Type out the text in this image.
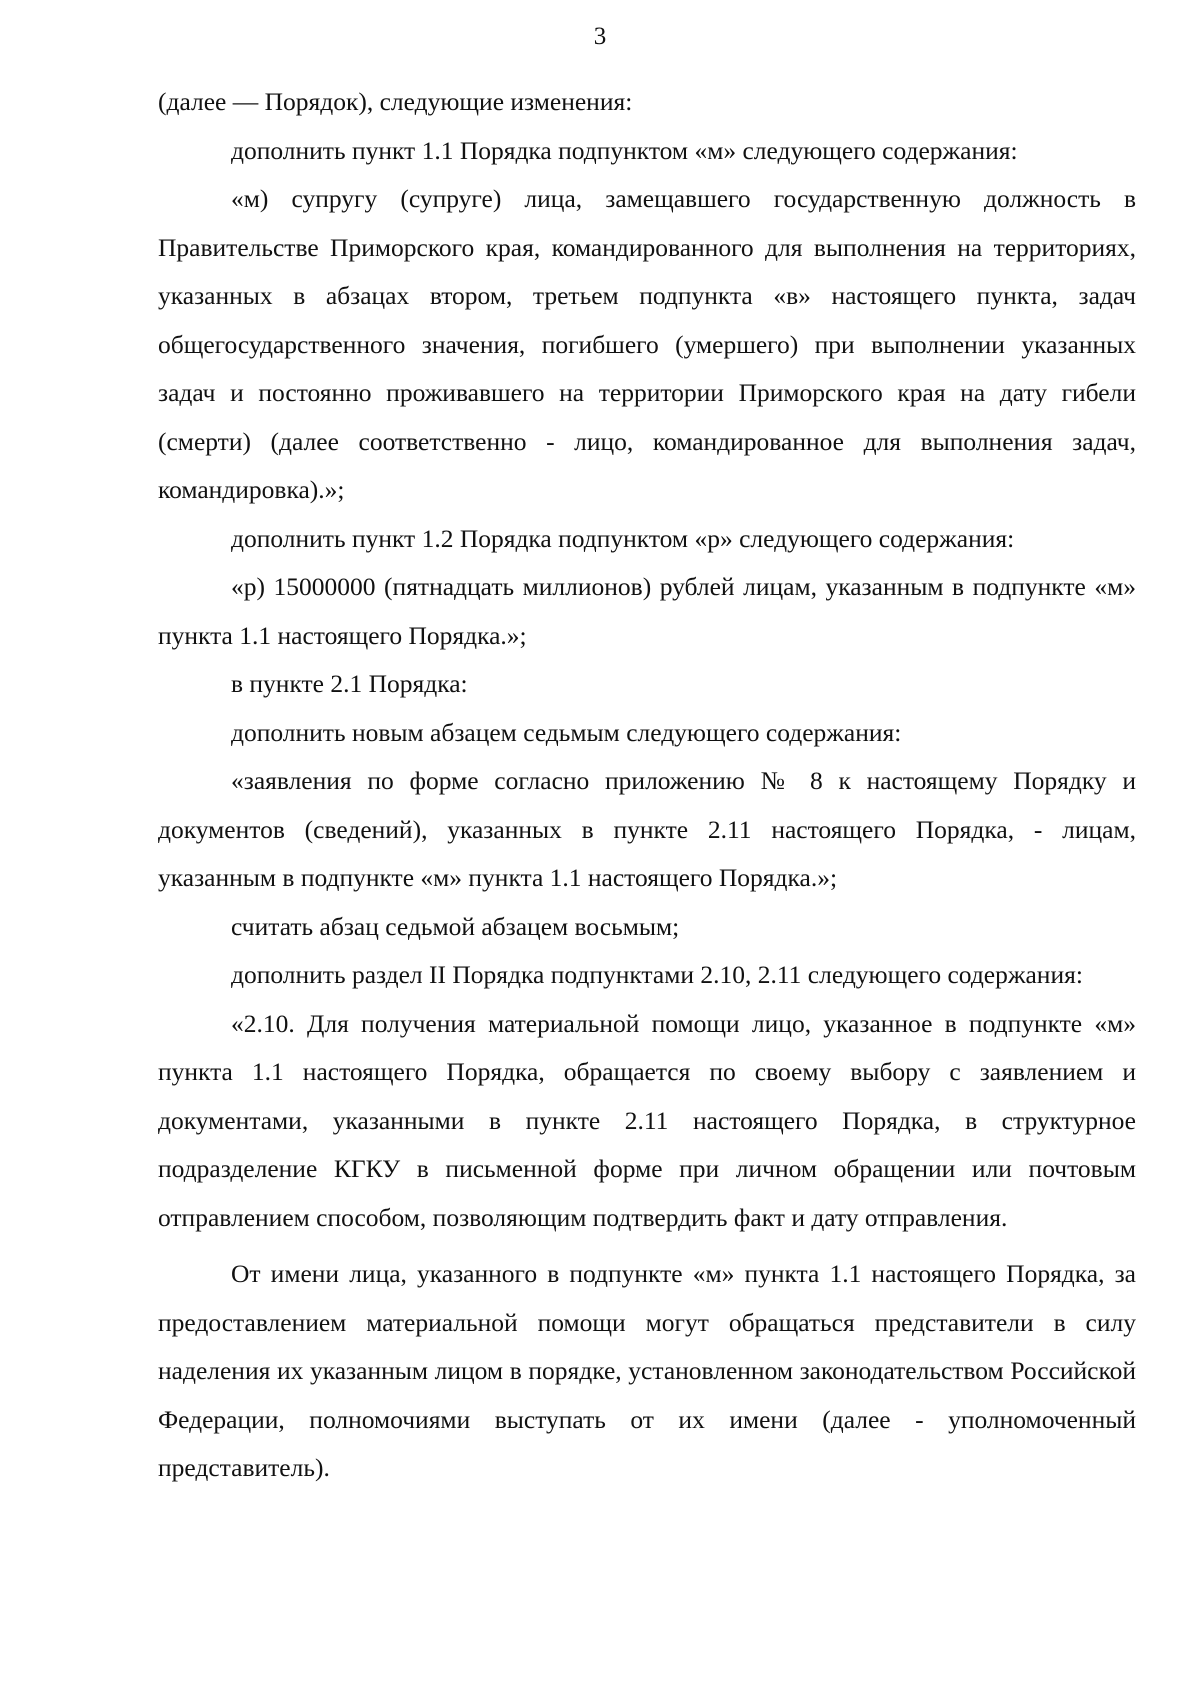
3

(далее — Порядок), следующие изменения:

дополнить пункт 1.1 Порядка подпунктом «м» следующего содержания:

«м) супругу (супруге) лица, замещавшего государственную должность в Правительстве Приморского края, командированного для выполнения на территориях, указанных в абзацах втором, третьем подпункта «в» настоящего пункта, задач общегосударственного значения, погибшего (умершего) при выполнении указанных задач и постоянно проживавшего на территории Приморского края на дату гибели (смерти) (далее соответственно - лицо, командированное для выполнения задач, командировка).»;

дополнить пункт 1.2 Порядка подпунктом «р» следующего содержания:

«р) 15000000 (пятнадцать миллионов) рублей лицам, указанным в подпункте «м» пункта 1.1 настоящего Порядка.»;

в пункте 2.1 Порядка:

дополнить новым абзацем седьмым следующего содержания:

«заявления по форме согласно приложению № 8 к настоящему Порядку и документов (сведений), указанных в пункте 2.11 настоящего Порядка, - лицам, указанным в подпункте «м» пункта 1.1 настоящего Порядка.»;

считать абзац седьмой абзацем восьмым;

дополнить раздел II Порядка подпунктами 2.10, 2.11 следующего содержания:

«2.10. Для получения материальной помощи лицо, указанное в подпункте «м» пункта 1.1 настоящего Порядка, обращается по своему выбору с заявлением и документами, указанными в пункте 2.11 настоящего Порядка, в структурное подразделение КГКУ в письменной форме при личном обращении или почтовым отправлением способом, позволяющим подтвердить факт и дату отправления.

От имени лица, указанного в подпункте «м» пункта 1.1 настоящего Порядка, за предоставлением материальной помощи могут обращаться представители в силу наделения их указанным лицом в порядке, установленном законодательством Российской Федерации, полномочиями выступать от их имени (далее - уполномоченный представитель).
